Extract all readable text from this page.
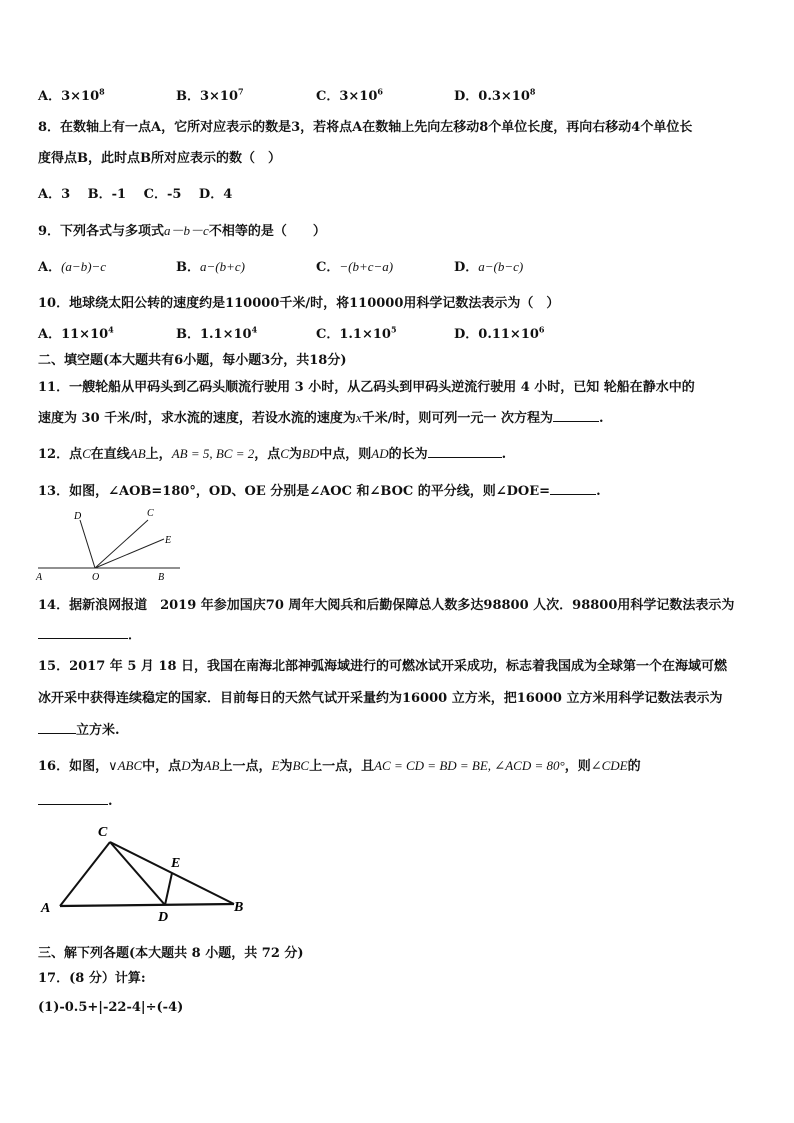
A．$3\times 10^8$	B．$3\times 10^7$	C．$3\times 10^6$	D．$0.3\times 10^8$
8．在数轴上有一点A，它所对应表示的数是3，若将点A在数轴上先向左移动8个单位长度，再向右移动4个单位长
度得点B，此时点B所对应表示的数（　）
A．3　 B．-1　 C．-5　 D．4
9．下列各式与多项式a－b－c不相等的是（　　）
A．(a−b)−c	B．a−(b+c)	C．−(b+c−a)	D．a−(b−c)
10．地球绕太阳公转的速度约是110000千米/时，将110000用科学记数法表示为（　）
A．$11\times 10^4$	B．$1.1\times 10^4$	C．$1.1\times 10^5$	D．$0.11\times 10^6$
二、填空题(本大题共有6小题，每小题3分，共18分)
11．一艘轮船从甲码头到乙码头顺流行驶用 3 小时，从乙码头到甲码头逆流行驶用 4 小时，已知 轮船在静水中的
速度为 30 千米/时，求水流的速度，若设水流的速度为x千米/时，则可列一元一 次方程为	.
12．点C在直线AB上，AB = 5, BC = 2，点C为BD中点，则AD的长为	.
13．如图，∠AOB=180°，OD、OE 分别是∠AOC 和∠BOC 的平分线，则∠DOE=	.
D	C
E
A	O	B
14．据新浪网报道　2019 年参加国庆70 周年大阅兵和后勤保障总人数多达98800 人次．98800用科学记数法表示为
．
15．2017 年 5 月 18 日，我国在南海北部神弧海域进行的可燃冰试开采成功，标志着我国成为全球第一个在海域可燃
冰开采中获得连续稳定的国家．目前每日的天然气试开采量约为16000 立方米，把16000 立方米用科学记数法表示为
立方米.
16．如图，∨ABC中，点D为AB上一点，E为BC上一点，且AC = CD = BD = BE, ∠ACD = 80°，则∠CDE的
.
C
E
A
D
B
三、解下列各题(本大题共 8 小题，共 72 分)
17．(8 分）计算:
(1)-0.5+|-22-4|÷(-4)
